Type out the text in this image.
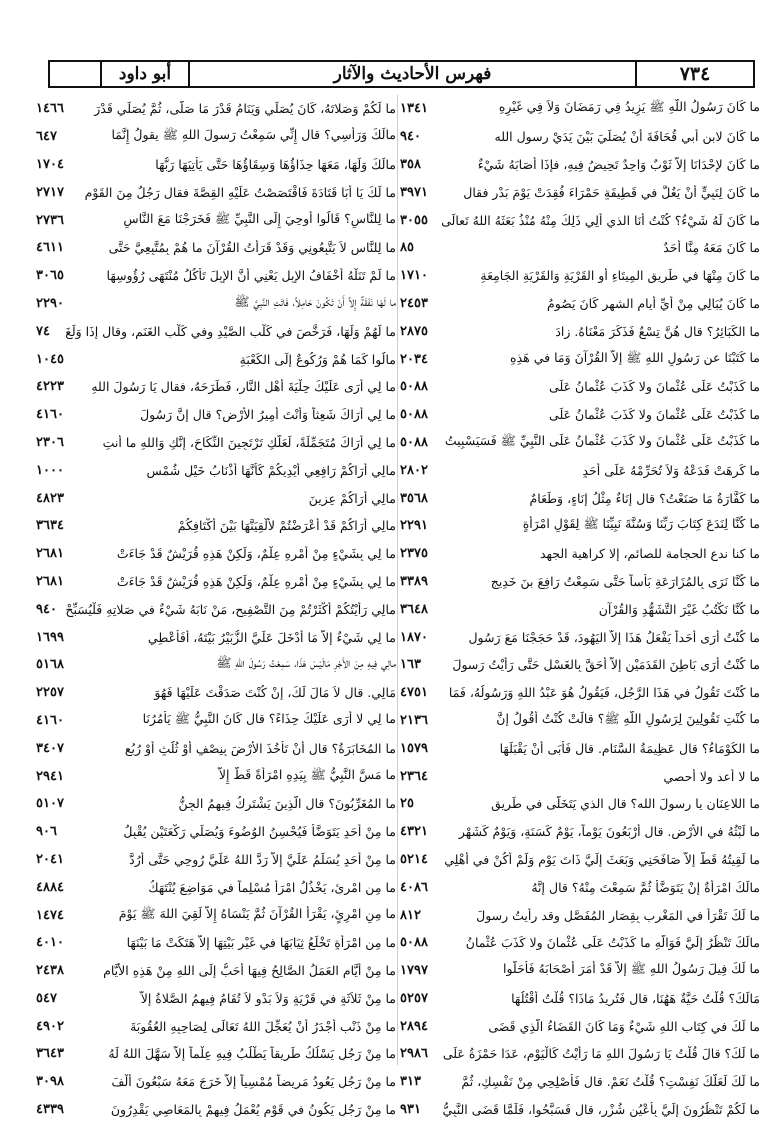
٧٣٤
فهرس الأحاديث والآثار
أبو داود
ما كَانَ رَسُولُ اللَّهِ ﷺ يَزِيدُ فِي رَمَضَانَ وَلاَ فِي غَيْرِهِ
١٣٤١
ما كَانَ لابنِ أبي قُحَافَةَ أَنْ يُصَلِّيَ بَيْنَ يَدَيْ رسولِ الله
٩٤٠
ما كَانَ لإحْدَانَا إِلاَّ ثَوْبٌ وَاحِدٌ تَحِيضُ فِيهِ، فإذَا أَصَابَهُ شَيْءٌ
٣٥٨
ما كَانَ لِنَبِيٍّ أَنْ يَغُلَّ في قَطِيفَةٍ حَمْرَاءَ فُقِدَتْ يَوْمَ بَدْرٍ فقال
٣٩٧١
ما كَانَ لَهُ شَيْءٌ؟ كُنْتُ أَنَا الذي أَلِي ذَلِكَ مِنْهُ مُنْذُ بَعَثَهُ اللهُ تَعالَى
٣٠٥٥
ما كَانَ مَعَهُ مِنَّا أحَدٌ
٨٥
ما كَانَ مِنْهَا في طَرِيقِ المِيتَاءِ أَوِ القَرْيَةِ وَالقَرْيَةِ الجَامِعَةِ
١٧١٠
ما كَانَ يُبَالِي مِنْ أَيِّ أيامِ الشهرِ كَانَ يَصُومُ
٢٤٥٣
ما الكَبَائِرُ؟ قال هُنَّ تِسْعٌ فَذَكَرَ مَعْنَاهُ. زادَ
٢٨٧٥
ما كَتَبْنَا عن رَسُولِ اللهِ ﷺ إلاَّ القُرْآنَ وَمَا في هَذِهِ
٢٠٣٤
ما كَذَبْتُ عَلَى عُثْمانَ ولا كَذَبَ عُثْمانُ عَلَى
٥٠٨٨
ما كَذَبْتُ عَلَى عُثْمانَ ولا كَذَبَ عُثْمانُ عَلَى
٥٠٨٨
ما كَذَبْتُ عَلَى عُثْمانَ ولا كَذَبَ عُثْمانُ عَلَى النَّبِيِّ ﷺ فَسَيَسْبِيتُ
٥٠٨٨
ما كَرِهَتْ فَدَعْهُ وَلاَ تُحَرِّمْهُ عَلَى أحَدٍ
٢٨٠٢
ما كَفَّارَةُ مَا صَنَعْتُ؟ قال إِنَاءٌ مِثْلُ إِنَاءٍ، وَطَعَامٌ
٣٥٦٨
ما كُنَّا لِنَدَعَ كِتَابَ رَبِّنَا وَسُنَّةَ نَبِيِّنَا ﷺ لِقَوْلِ امْرَأَةٍ
٢٢٩١
ما كنا ندع الحجامة للصائم، إلا كراهية الجهد
٢٣٧٥
ما كُنَّا نَرَى بِالمُزَارَعَةِ بَأْساً حَتَّى سَمِعْتُ رَافِعَ بنَ خَدِيجٍ
٣٣٨٩
ما كُنَّا نَكْتُبُ غَيْرَ التَّشَهُّدِ وَالقُرْآنِ
٣٦٤٨
ما كُنْتُ أُرَى أَحَداً يَفْعَلُ هَذَا إلاَّ اليَهُودَ، قَدْ حَجَجْنَا مَعَ رَسُولِ
١٨٧٠
ما كُنْتُ أُرَى بَاطِنَ القَدَمَيْنِ إلاَّ أَحَقَّ بِالغَسْلِ حَتَّى رَأَيْتُ رَسولَ
١٦٣
ما كُنْتَ تَقُولُ في هَذَا الرَّجُلِ، فَيَقُولُ هُوَ عَبْدُ اللهِ وَرَسُولُهُ، فَمَا
٤٧٥١
ما كُنْتِ تَقُولِينَ لِرَسُولِ اللَّهِ ﷺ؟ قالَتْ كُنْتُ أَقُولُ إنَّ
٢١٣٦
ما الكَوْمَاءُ؟ قال عَظِيمَةُ السَّنَامِ. قال فَأَبَى أَنْ يَقْبَلَهَا
١٥٧٩
ما لا أعد ولا أحصي
٢٣٦٤
ما اللاعِنَانِ يا رسولَ الله؟ قال الذي يَتَخَلَّى في طَرِيقِ
٢٥
ما لَبْثُهُ في الأرْضِ. قال أَرْبَعُونَ يَوْماً، يَوْمٌ كَسَنَةٍ، وَيَوْمٌ كَشَهْرٍ
٤٣٢١
ما لَقِيتُهُ قَطُّ إلاَّ صَافَحَنِي وَبَعَثَ إِلَيَّ ذَاتَ يَوْمٍ وَلَمْ أَكُنْ في أَهْلِي
٥٢١٤
مالَكَ امْرَأَةٌ إِنْ يَتَوَضَّأْ ثُمَّ سَمِعْتَ مِنْهُ؟ قال إنَّهُ
٤٠٨٦
ما لَكَ تَقْرَأُ في المَغْرِبِ بِقِصَارِ المُفَصَّلِ وقد رأيتُ رسولَ
٨١٢
مالَكَ تَنْظُرُ إِلَيَّ فَوَالَّهِ ما كَذَبْتُ عَلَى عُثْمانَ ولا كَذَبَ عُثْمانُ
٥٠٨٨
ما لَكَ فِيلَ رَسُولُ اللهِ ﷺ إلاَّ قَدْ أَمَرَ أَصْحَابَهُ فَأَحَلُّوا
١٧٩٧
مَالَكَ؟ قُلْتُ حَيَّةٌ هَهُنَا، قال فَتُرِيدُ مَاذَا؟ قُلْتُ أَقْتُلُهَا
٥٢٥٧
ما لَكَ في كِتَابِ اللهِ شَيْءٌ وَمَا كَانَ القَضَاءُ الَّذِي قَضَى
٢٨٩٤
ما لَكَ؟ قالَ قُلْتُ يَا رَسُولَ اللهِ مَا رَأَيْتُ كَالْيَوْمِ، عَدَا حَمْزَةُ عَلَى
٢٩٨٦
ما لَكَ لَعَلَّكَ نَفِسْتِ؟ قُلْتُ نَعَمْ. قال فَأَصْلِحِي مِنْ نَفْسِكِ، ثُمَّ
٣١٣
ما لَكُمْ تَنْظُرُونَ إِلَيَّ بِأَعْيُنِ شُزْرٍ، قال فَسَبَّحُوا، فَلَمَّا قَضَى النَّبِيُّ
٩٣١
ما لَكُمْ وَصَلاتَهُ، كَانَ يُصَلِّي وَيَنَامُ قَدْرَ مَا صَلَّى، ثُمَّ يُصَلِّي قَدْرَ
١٤٦٦
مالَكَ وَرَأْسِي؟ قال إِنِّي سَمِعْتُ رَسولَ اللهِ ﷺ يقولُ إِنَّمَا
٦٤٧
مالَكَ وَلَهَا، مَعَهَا حِذَاؤُهَا وَسِقَاؤُهَا حَتَّى يَأْتِيَهَا رَبُّهَا
١٧٠٤
ما لَكَ يَا أَبَا قَتَادَةَ فَاقْتَصَصْتُ عَلَيْهِ القِصَّةَ فقال رَجُلٌ مِنَ القَوْمِ
٢٧١٧
ما لِلنَّاسِ؟ قَالُوا أُوحِيَ إِلَى النَّبِيِّ ﷺ فَخَرَجْنَا مَعَ النَّاسِ
٢٧٣٦
ما لِلنَّاسِ لاَ يَتَّبِعُونِي وَقَدْ قَرَأْتُ القُرْآنَ ما هُمْ بِمُتَّبِعِيَّ حَتَّى
٤٦١١
ما لَمْ تَنَلْهُ أَخْفَافُ الإِبِلِ يَعْنِي أَنَّ الإِبِلَ تَأْكُلُ مُنْتَهَى رُؤُوسِهَا
٣٠٦٥
ما لَهَا نَفَقَةٌ إِلاَّ أَنْ تَكُونَ حَامِلاً، فَاتَتِ النَّبِيَّ ﷺ
٢٢٩٠
ما لَهُمْ وَلَهَا، فَرَخَّصَ في كَلْبِ الصَّيْدِ وفي كَلْبِ الغَنَمِ، وقال إِذَا وَلَغَ
٧٤
مالُوا كَمَا هُمْ وَرُكُوعٌ إلَى الكَعْبَةِ
١٠٤٥
ما لِي أَرَى عَلَيْكَ حِلْيَةَ أَهْلِ النَّارِ، فَطَرَحَهُ، فقال يَا رَسُولَ اللهِ
٤٢٢٣
ما لِي أَرَاكَ شَعِثاً وَأَنْتَ أَمِيرُ الأَرْضِ؟ قال إنَّ رَسُولَ
٤١٦٠
ما لِي أَرَاكَ مُتَجَمِّلَةً، لَعَلَّكِ تَرْتَجِينَ النِّكَاحَ، إنَّكِ وَاللهِ ما أنتِ
٢٣٠٦
مالِي أَرَاكُمْ رَافِعِي أَيْدِيكُمْ كَأَنَّهَا أَذْنَابُ خَيْلٍ شُمْسٍ
١٠٠٠
مالِي أَرَاكُمْ عِزِينَ
٤٨٢٣
مالِي أَرَاكُمْ قَدْ أَعْرَضْتُمْ لأُلْقِيَنَّهَا بَيْنَ أَكْتَافِكُمْ
٣٦٣٤
ما لِي بِشَيْءٍ مِنْ أَمْرِهِ عِلْمٌ، وَلَكِنْ هَذِهِ قُرَيْشٌ قَدْ جَاءَتْ
٢٦٨١
ما لِي بِشَيْءٍ مِنْ أَمْرِهِ عِلْمٌ، وَلَكِنْ هَذِهِ قُرَيْشٌ قَدْ جَاءَتْ
٢٦٨١
مالِي رَأَيْتُكُمْ أَكْثَرْتُمْ مِنَ التَّصْفِيحِ، مَنْ نَابَهُ شَيْءٌ في صَلاتِهِ فَلْيُسَبِّحْ
٩٤٠
ما لِي شَيْءٌ إِلاَّ مَا أَدْخَلَ عَلَيَّ الزُّبَيْرُ بَيْتَهُ، أَفَأُعْطِي
١٦٩٩
مالِي فِيهِ مِنَ الأَجْرِ مَالَيْسَ هَذَا، سَمِعْتُ رَسُولَ اللهِ ﷺ
٥١٦٨
مَالِي. قال لاَ مَالَ لَكَ، إنْ كُنْتَ صَدَقْتَ عَلَيْهَا فَهُوَ
٢٢٥٧
ما لِي لا أَرَى عَلَيْكَ حِذَاءً؟ قال كَانَ النَّبِيُّ ﷺ يَأْمُرُنَا
٤١٦٠
ما المُخَابَرَةُ؟ قال أَنْ تَأْخُذَ الأَرْضَ بِنِصْفٍ أَوْ ثُلُثٍ أَوْ رُبُعٍ
٣٤٠٧
ما مَسَّ النَّبِيُّ ﷺ بِيَدِهِ امْرَأَةً قَطُّ إِلاَّ
٢٩٤١
ما المُغَرِّبُونَ؟ قال الَّذِينَ يَشْتَرِكُ فِيهِمُ الجِنُّ
٥١٠٧
ما مِنْ أَحَدٍ يَتَوَضَّأُ فَيُحْسِنُ الوُضُوءَ وَيُصَلِّي رَكْعَتَيْنِ يُقْبِلُ
٩٠٦
ما مِنْ أَحَدٍ يُسَلِّمُ عَلَيَّ إِلاَّ رَدَّ اللهُ عَلَيَّ رُوحِي حَتَّى أَرُدَّ
٢٠٤١
ما مِنِ امْرِئٍ، يَخْذُلُ امْرَأً مُسْلِماً في مَوَاضِعَ يُنْتَهَكُ
٤٨٨٤
ما مِنِ امْرِئٍ، يَقْرَأُ القُرْآنَ ثُمَّ يَنْسَاهُ إِلاَّ لَقِيَ اللهَ ﷺ يَوْمَ
١٤٧٤
ما مِنِ امْرَأَةٍ تَخْلَعُ ثِيَابَهَا في غَيْرِ بَيْتِهَا إِلاَّ هَتَكَتْ مَا بَيْنَهَا
٤٠١٠
ما مِنْ أَيَّامٍ العَمَلُ الصَّالِحُ فِيهَا أَحَبُّ إِلَى اللهِ مِنْ هَذِهِ الأَيَّامِ
٢٤٣٨
ما مِنْ ثَلاَثَةٍ في قَرْيَةٍ وَلاَ بَدْوٍ لاَ تُقَامُ فِيهِمُ الصَّلاةُ إلاَّ
٥٤٧
ما مِنْ ذَنْبٍ أَجْدَرُ أَنْ يُعَجِّلَ اللهُ تَعَالَى لِصَاحِبِهِ العُقُوبَةَ
٤٩٠٢
ما مِنْ رَجُلٍ يَسْلُكُ طَرِيقاً يَطْلُبُ فِيهِ عِلْماً إلاَّ سَهَّلَ اللهُ لَهُ
٣٦٤٣
ما مِنْ رَجُلٍ يَعُودُ مَرِيضاً مُمْسِياً إلاَّ خَرَجَ مَعَهُ سَبْعُونَ أَلْفَ
٣٠٩٨
ما مِنْ رَجُلٍ يَكُونُ في قَوْمٍ يُعْمَلُ فِيهِمْ بِالمَعَاصِي يَقْدِرُونَ
٤٣٣٩
